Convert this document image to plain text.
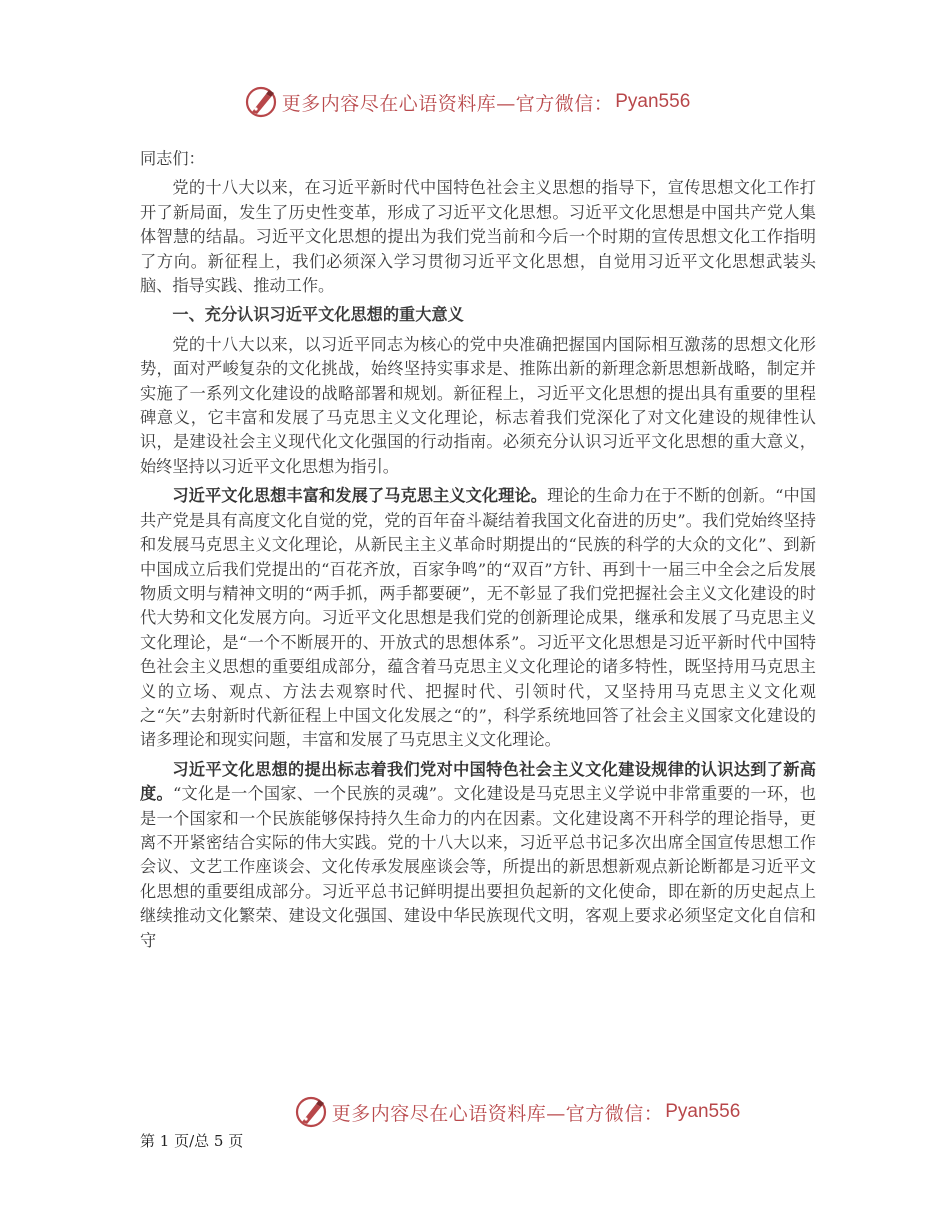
更多内容尽在心语资料库—官方微信： Pyan556

同志们：

党的十八大以来，在习近平新时代中国特色社会主义思想的指导下，宣传思想文化工作打开了新局面，发生了历史性变革，形成了习近平文化思想。习近平文化思想是中国共产党人集体智慧的结晶。习近平文化思想的提出为我们党当前和今后一个时期的宣传思想文化工作指明了方向。新征程上，我们必须深入学习贯彻习近平文化思想，自觉用习近平文化思想武装头脑、指导实践、推动工作。

一、充分认识习近平文化思想的重大意义

党的十八大以来，以习近平同志为核心的党中央准确把握国内国际相互激荡的思想文化形势，面对严峻复杂的文化挑战，始终坚持实事求是、推陈出新的新理念新思想新战略，制定并实施了一系列文化建设的战略部署和规划。新征程上，习近平文化思想的提出具有重要的里程碑意义，它丰富和发展了马克思主义文化理论，标志着我们党深化了对文化建设的规律性认识，是建设社会主义现代化文化强国的行动指南。必须充分认识习近平文化思想的重大意义，始终坚持以习近平文化思想为指引。

习近平文化思想丰富和发展了马克思主义文化理论。理论的生命力在于不断的创新。“中国共产党是具有高度文化自觉的党，党的百年奋斗凝结着我国文化奋进的历史”。我们党始终坚持和发展马克思主义文化理论，从新民主主义革命时期提出的“民族的科学的大众的文化”、到新中国成立后我们党提出的“百花齐放，百家争鸣”的“双百”方针、再到十一届三中全会之后发展物质文明与精神文明的“两手抓，两手都要硬”，无不彰显了我们党把握社会主义文化建设的时代大势和文化发展方向。习近平文化思想是我们党的创新理论成果，继承和发展了马克思主义文化理论，是“一个不断展开的、开放式的思想体系”。习近平文化思想是习近平新时代中国特色社会主义思想的重要组成部分，蕴含着马克思主义文化理论的诸多特性，既坚持用马克思主义的立场、观点、方法去观察时代、把握时代、引领时代，又坚持用马克思主义文化观之“矢”去射新时代新征程上中国文化发展之“的”，科学系统地回答了社会主义国家文化建设的诸多理论和现实问题，丰富和发展了马克思主义文化理论。

习近平文化思想的提出标志着我们党对中国特色社会主义文化建设规律的认识达到了新高度。“文化是一个国家、一个民族的灵魂”。文化建设是马克思主义学说中非常重要的一环，也是一个国家和一个民族能够保持持久生命力的内在因素。文化建设离不开科学的理论指导，更离不开紧密结合实际的伟大实践。党的十八大以来，习近平总书记多次出席全国宣传思想工作会议、文艺工作座谈会、文化传承发展座谈会等，所提出的新思想新观点新论断都是习近平文化思想的重要组成部分。习近平总书记鲜明提出要担负起新的文化使命，即在新的历史起点上继续推动文化繁荣、建设文化强国、建设中华民族现代文明，客观上要求必须坚定文化自信和守

更多内容尽在心语资料库—官方微信： Pyan556
第 1 页/总 5 页
